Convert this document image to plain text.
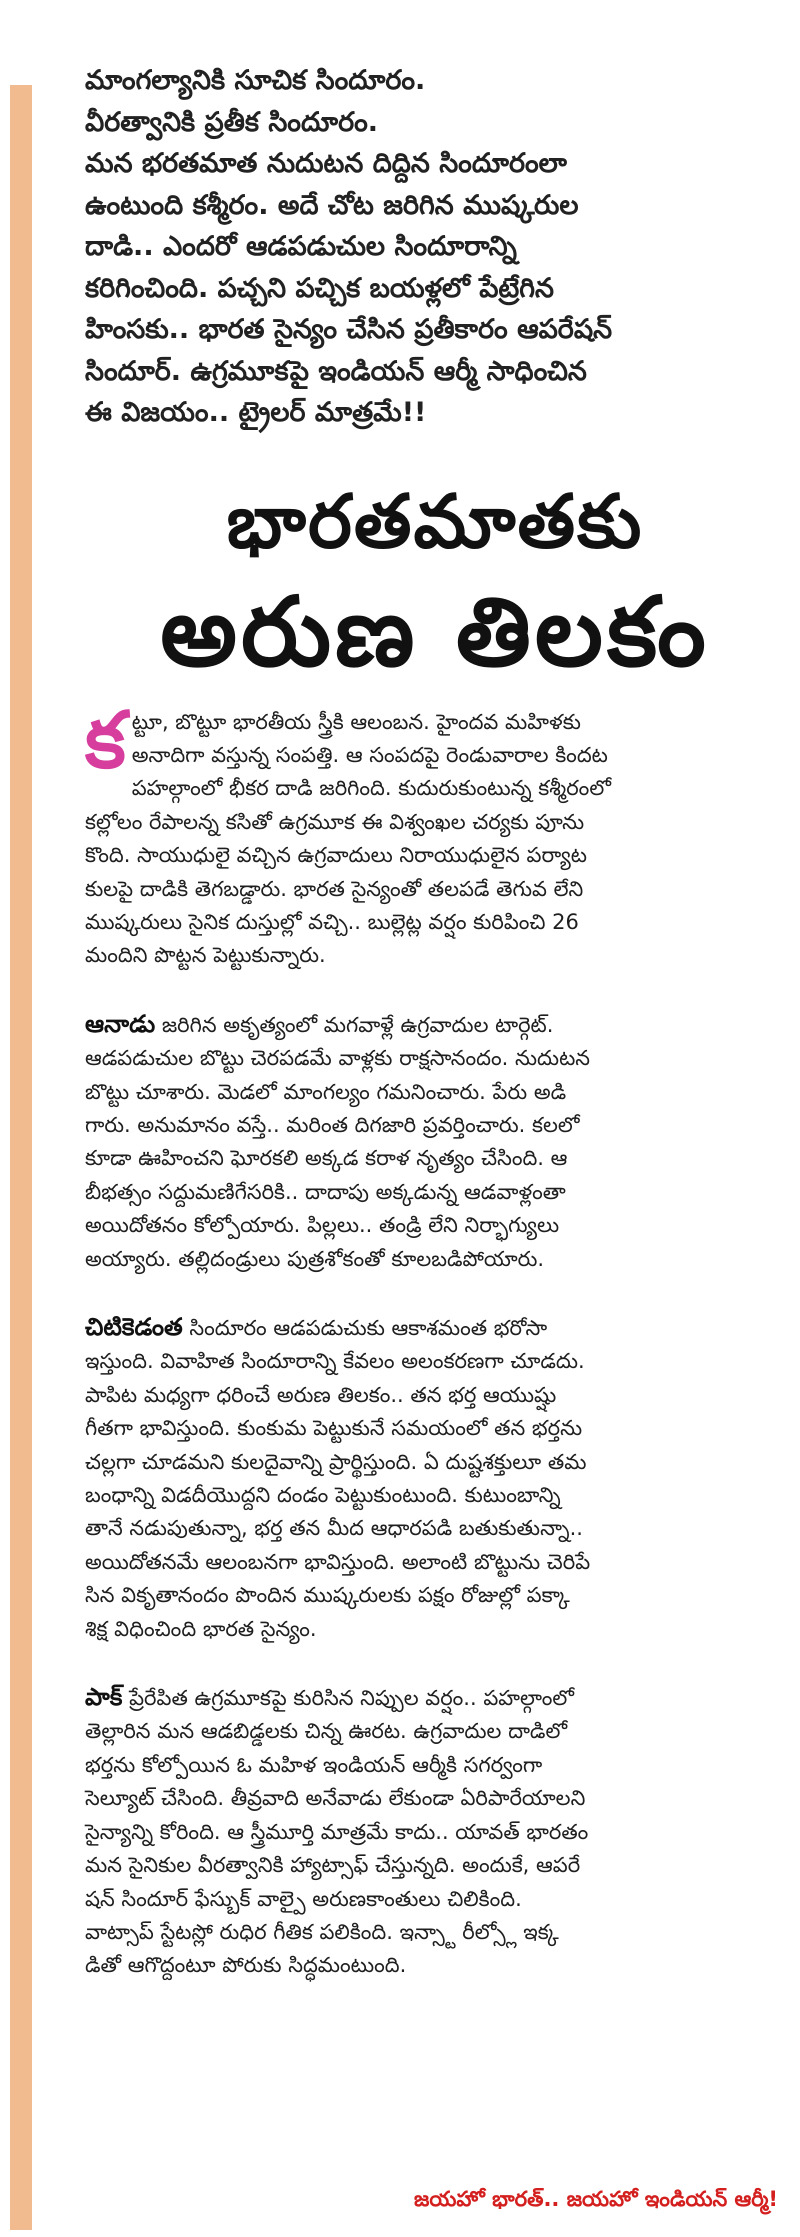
మాంగల్యానికి సూచిక సిందూరం.
వీరత్వానికి ప్రతీక సిందూరం.
మన భరతమాత నుదుటన దిద్దిన సిందూరంలా
ఉంటుంది కశ్మీరం. అదే చోట జరిగిన ముష్కరుల
దాడి.. ఎందరో ఆడపడుచుల సిందూరాన్ని
కరిగించింది. పచ్చని పచ్చిక బయళ్లలో పేట్రేగిన
హింసకు.. భారత సైన్యం చేసిన ప్రతీకారం ఆపరేషన్
సిందూర్. ఉగ్రమూకపై ఇండియన్ ఆర్మీ సాధించిన
ఈ విజయం.. ట్రైలర్ మాత్రమే!!
భారతమాతకు
అరుణ తిలకం
క ట్టూ, బొట్టూ భారతీయ స్త్రీకి ఆలంబన. హైందవ మహిళకు
అనాదిగా వస్తున్న సంపత్తి. ఆ సంపదపై రెండువారాల కిందట
పహల్గాంలో భీకర దాడి జరిగింది. కుదురుకుంటున్న కశ్మీరంలో
కల్లోలం రేపాలన్న కసితో ఉగ్రమూక ఈ విశ్వంఖల చర్యకు పూను
కొంది. సాయుధులై వచ్చిన ఉగ్రవాదులు నిరాయుధులైన పర్యాట
కులపై దాడికి తెగబడ్డారు. భారత సైన్యంతో తలపడే తెగువ లేని
ముష్కరులు సైనిక దుస్తుల్లో వచ్చి.. బుల్లెట్ల వర్షం కురిపించి 26
మందిని పొట్టన పెట్టుకున్నారు.
ఆనాడు జరిగిన అకృత్యంలో మగవాళ్లే ఉగ్రవాదుల టార్గెట్.
ఆడపడుచుల బొట్టు చెరపడమే వాళ్లకు రాక్షసానందం. నుదుటన
బొట్టు చూశారు. మెడలో మాంగల్యం గమనించారు. పేరు అడి
గారు. అనుమానం వస్తే.. మరింత దిగజారి ప్రవర్తించారు. కలలో
కూడా ఊహించని ఘోరకలి అక్కడ కరాళ నృత్యం చేసింది. ఆ
బీభత్సం సద్దుమణిగేసరికి.. దాదాపు అక్కడున్న ఆడవాళ్లంతా
అయిదోతనం కోల్పోయారు. పిల్లలు.. తండ్రి లేని నిర్భాగ్యులు
అయ్యారు. తల్లిదండ్రులు పుత్రశోకంతో కూలబడిపోయారు.
చిటికెడంత సిందూరం ఆడపడుచుకు ఆకాశమంత భరోసా
ఇస్తుంది. వివాహిత సిందూరాన్ని కేవలం అలంకరణగా చూడదు.
పాపిట మధ్యగా ధరించే అరుణ తిలకం.. తన భర్త ఆయుష్షు
గీతగా భావిస్తుంది. కుంకుమ పెట్టుకునే సమయంలో తన భర్తను
చల్లగా చూడమని కులదైవాన్ని ప్రార్థిస్తుంది. ఏ దుష్టశక్తులూ తమ
బంధాన్ని విడదీయొద్దని దండం పెట్టుకుంటుంది. కుటుంబాన్ని
తానే నడుపుతున్నా, భర్త తన మీద ఆధారపడి బతుకుతున్నా..
అయిదోతనమే ఆలంబనగా భావిస్తుంది. అలాంటి బొట్టును చెరిపే
సిన వికృతానందం పొందిన ముష్కరులకు పక్షం రోజుల్లో పక్కా
శిక్ష విధించింది భారత సైన్యం.
పాక్ ప్రేరేపిత ఉగ్రమూకపై కురిసిన నిప్పుల వర్షం.. పహల్గాంలో
తెల్లారిన మన ఆడబిడ్డలకు చిన్న ఊరట. ఉగ్రవాదుల దాడిలో
భర్తను కోల్పోయిన ఓ మహిళ ఇండియన్ ఆర్మీకి సగర్వంగా
సెల్యూట్ చేసింది. తీవ్రవాది అనేవాడు లేకుండా ఏరిపారేయాలని
సైన్యాన్ని కోరింది. ఆ స్త్రీమూర్తి మాత్రమే కాదు.. యావత్ భారతం
మన సైనికుల వీరత్వానికి హ్యాట్సాఫ్ చేస్తున్నది. అందుకే, ఆపరే
షన్ సిందూర్ ఫేస్బుక్ వాల్పై అరుణకాంతులు చిలికింది.
వాట్సాప్ స్టేటస్లో రుధిర గీతిక పలికింది. ఇన్స్టా రీల్స్లో ఇక్క
డితో ఆగొద్దంటూ పోరుకు సిద్ధమంటుంది.
జయహో భారత్.. జయహో ఇండియన్ ఆర్మీ!
